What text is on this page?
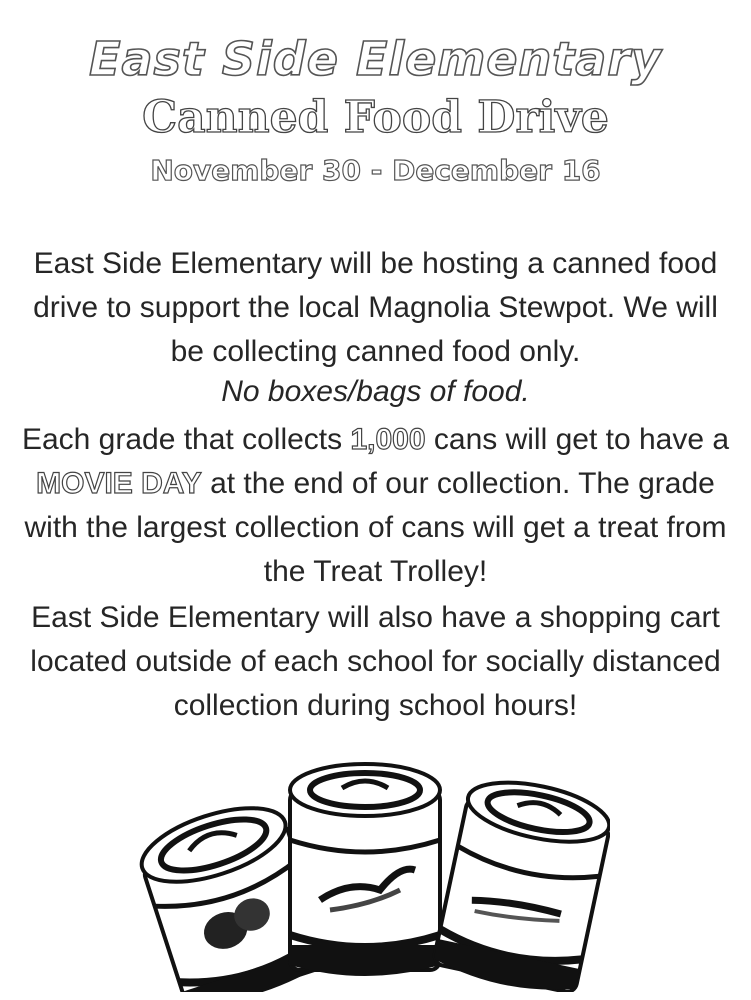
East Side Elementary
Canned Food Drive
November 30 - December 16

East Side Elementary will be hosting a canned food drive to support the local Magnolia Stewpot. We will be collecting canned food only.

No boxes/bags of food.

Each grade that collects 1,000 cans will get to have a MOVIE DAY at the end of our collection. The grade with the largest collection of cans will get a treat from the Treat Trolley!

East Side Elementary will also have a shopping cart located outside of each school for socially distanced collection during school hours!
